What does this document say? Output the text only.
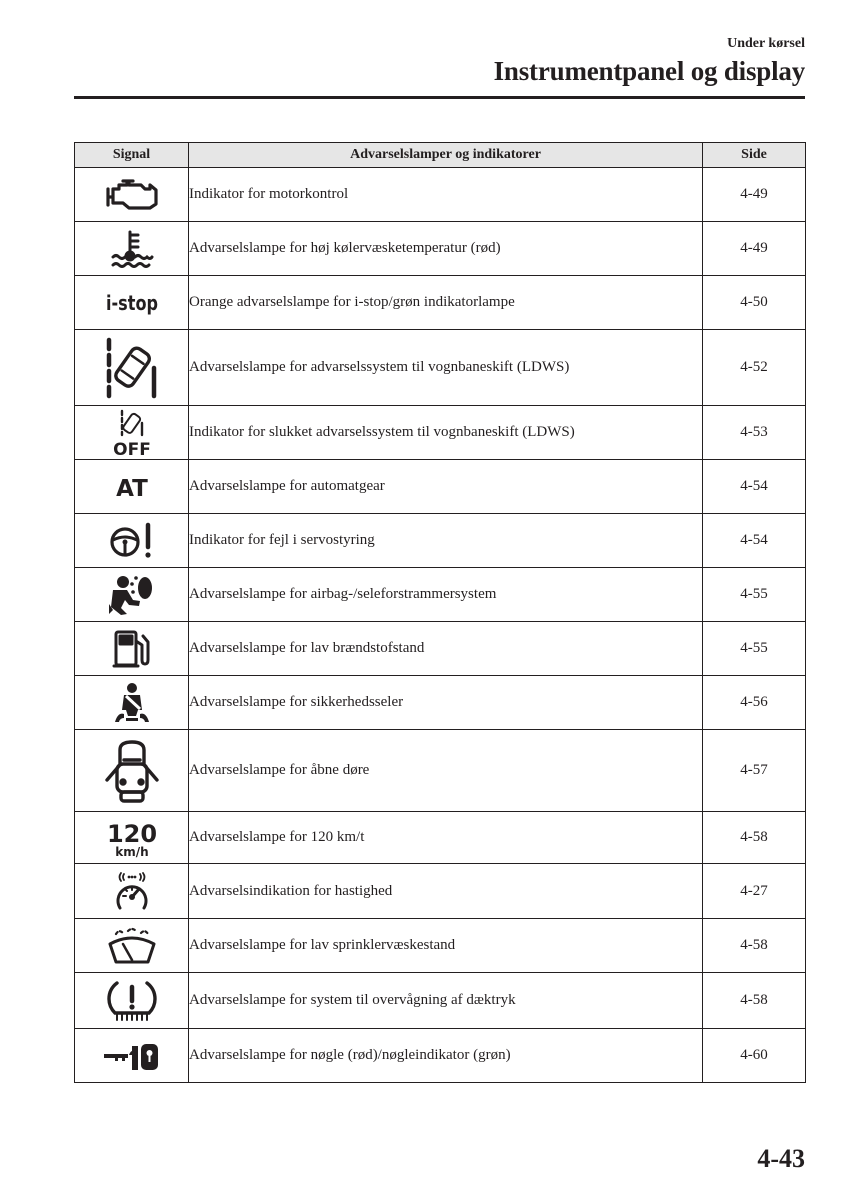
Under kørsel
Instrumentpanel og display
Signal	Advarselslamper og indikatorer	Side

	Indikator for motorkontrol	4-49

	Advarselslampe for høj kølervæsketemperatur (rød)	4-49

i-stop	Orange advarselslampe for i-stop/grøn indikatorlampe	4-50

	Advarselslampe for advarselssystem til vognbaneskift (LDWS)	4-52

OFF	Indikator for slukket advarselssystem til vognbaneskift (LDWS)	4-53

AT	Advarselslampe for automatgear	4-54

	Indikator for fejl i servostyring	4-54

	Advarselslampe for airbag-/seleforstrammersystem	4-55

	Advarselslampe for lav brændstofstand	4-55

	Advarselslampe for sikkerhedsseler	4-56

	Advarselslampe for åbne døre	4-57

120
km/h	Advarselslampe for 120 km/t	4-58

	Advarselsindikation for hastighed	4-27

	Advarselslampe for lav sprinklervæskestand	4-58

	Advarselslampe for system til overvågning af dæktryk	4-58

	Advarselslampe for nøgle (rød)/nøgleindikator (grøn)	4-60
4-43
